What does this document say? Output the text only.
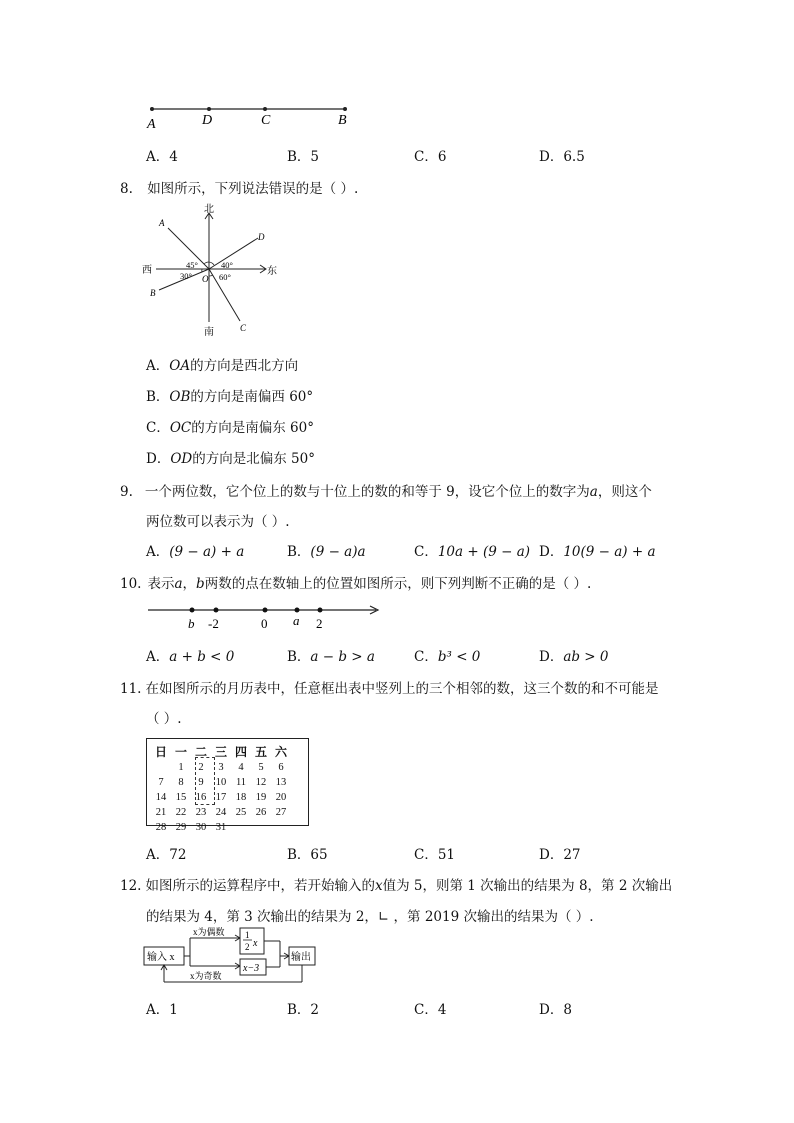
A	D	C	B
A．4	B．5	C．6	D．6.5
8. 如图所示，下列说法错误的是（ ）.
北
南
西	东
A
B
C
D
O
45°	40°
30°	60°
A．OA的方向是西北方向
B．OB的方向是南偏西 60°
C．OC的方向是南偏东 60°
D．OD的方向是北偏东 50°
9. 一个两位数，它个位上的数与十位上的数的和等于 9，设它个位上的数字为a，则这个
两位数可以表示为（ ）.
A．(9 − a) + a	B．(9 − a)a	C．10a + (9 − a) D．10(9 − a) + a
10. 表示a，b两数的点在数轴上的位置如图所示，则下列判断不正确的是（ ）.
b -2	0 a 2
A．a + b < 0	B．a − b > a	C．b³ < 0	D．ab > 0
11. 在如图所示的月历表中，任意框出表中竖列上的三个相邻的数，这三个数的和不可能是
（ ）.
日	一	二	三	四	五	六
	1	2	3	4	5	6
7	8	9	10	11	12	13
14	15	16	17	18	19	20
21	22	23	24	25	26	27
28	29	30	31			
A．72	B．65	C．51	D．27
12. 如图所示的运算程序中，若开始输入的x值为 5，则第 1 次输出的结果为 8，第 2 次输出
的结果为 4，第 3 次输出的结果为 2，∟ ，第 2019 次输出的结果为（ ）.
输入 x
x为偶数
x为奇数
1
2 x
x−3
输出
A．1	B．2	C．4	D．8
